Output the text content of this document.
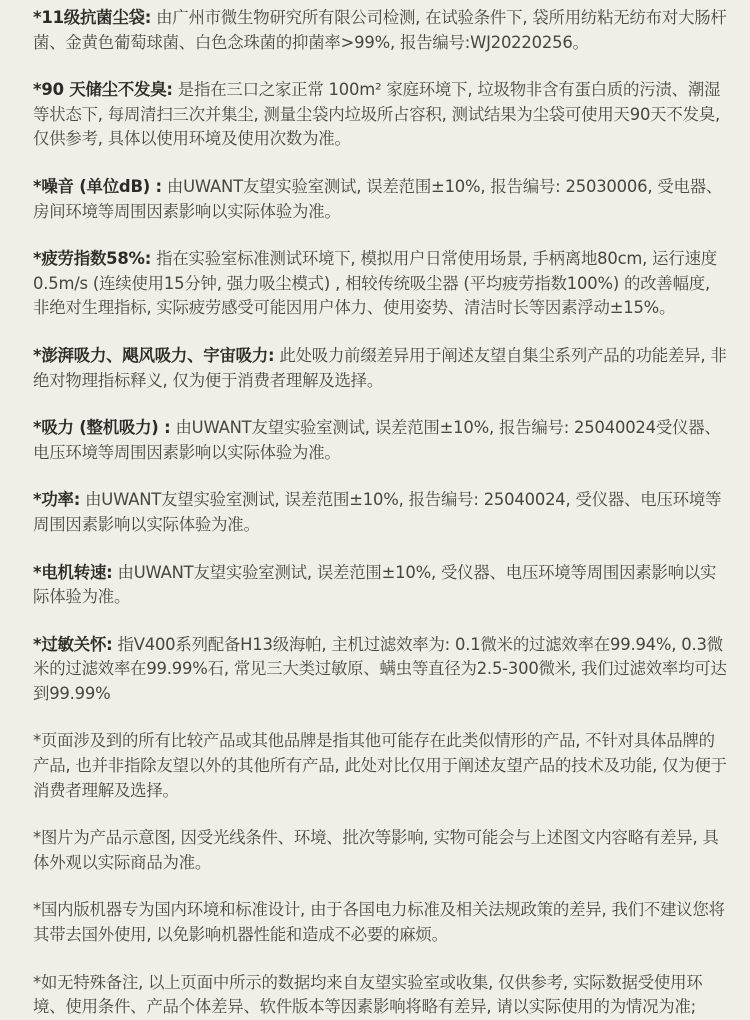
*11级抗菌尘袋: 由广州市微生物研究所有限公司检测, 在试验条件下, 袋所用纺粘无纺布对大肠杆菌、金黄色葡萄球菌、白色念珠菌的抑菌率>99%, 报告编号:WJ20220256。

*90 天储尘不发臭: 是指在三口之家正常 100m² 家庭环境下, 垃圾物非含有蛋白质的污渍、潮湿等状态下, 每周清扫三次并集尘, 测量尘袋内垃圾所占容积, 测试结果为尘袋可使用天90天不发臭, 仅供参考, 具体以使用环境及使用次数为准。

*噪音 (单位dB) : 由UWANT友望实验室测试, 误差范围±10%, 报告编号: 25030006, 受电器、房间环境等周围因素影响以实际体验为准。

*疲劳指数58%: 指在实验室标准测试环境下, 模拟用户日常使用场景, 手柄离地80cm, 运行速度0.5m/s (连续使用15分钟, 强力吸尘模式) , 相较传统吸尘器 (平均疲劳指数100%) 的改善幅度, 非绝对生理指标, 实际疲劳感受可能因用户体力、使用姿势、清洁时长等因素浮动±15%。

*澎湃吸力、飓风吸力、宇宙吸力: 此处吸力前缀差异用于阐述友望自集尘系列产品的功能差异, 非绝对物理指标释义, 仅为便于消费者理解及选择。

*吸力 (整机吸力) : 由UWANT友望实验室测试, 误差范围±10%, 报告编号: 25040024受仪器、电压环境等周围因素影响以实际体验为准。

*功率: 由UWANT友望实验室测试, 误差范围±10%, 报告编号: 25040024, 受仪器、电压环境等周围因素影响以实际体验为准。

*电机转速: 由UWANT友望实验室测试, 误差范围±10%, 受仪器、电压环境等周围因素影响以实际体验为准。

*过敏关怀: 指V400系列配备H13级海帕, 主机过滤效率为: 0.1微米的过滤效率在99.94%, 0.3微米的过滤效率在99.99%石, 常见三大类过敏原、螨虫等直径为2.5-300微米, 我们过滤效率均可达到99.99%

*页面涉及到的所有比较产品或其他品牌是指其他可能存在此类似情形的产品, 不针对具体品牌的产品, 也并非指除友望以外的其他所有产品, 此处对比仅用于阐述友望产品的技术及功能, 仅为便于消费者理解及选择。

*图片为产品示意图, 因受光线条件、环境、批次等影响, 实物可能会与上述图文内容略有差异, 具体外观以实际商品为准。

*国内版机器专为国内环境和标准设计, 由于各国电力标准及相关法规政策的差异, 我们不建议您将其带去国外使用, 以免影响机器性能和造成不必要的麻烦。

*如无特殊备注, 以上页面中所示的数据均来自友望实验室或收集, 仅供参考, 实际数据受使用环境、使用条件、产品个体差异、软件版本等因素影响将略有差异, 请以实际使用的为情况为准;
